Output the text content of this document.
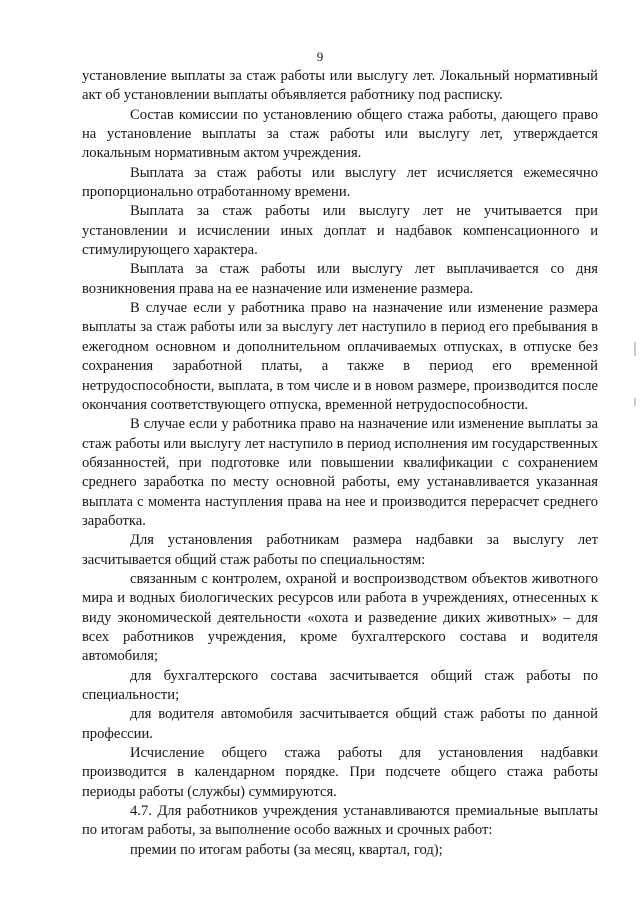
9

установление выплаты за стаж работы или выслугу лет. Локальный нормативный акт об установлении выплаты объявляется работнику под расписку.

Состав комиссии по установлению общего стажа работы, дающего право на установление выплаты за стаж работы или выслугу лет, утверждается локальным нормативным актом учреждения.

Выплата за стаж работы или выслугу лет исчисляется ежемесячно пропорционально отработанному времени.

Выплата за стаж работы или выслугу лет не учитывается при установлении и исчислении иных доплат и надбавок компенсационного и стимулирующего характера.

Выплата за стаж работы или выслугу лет выплачивается со дня возникновения права на ее назначение или изменение размера.

В случае если у работника право на назначение или изменение размера выплаты за стаж работы или за выслугу лет наступило в период его пребывания в ежегодном основном и дополнительном оплачиваемых отпусках, в отпуске без сохранения заработной платы, а также в период его временной нетрудоспособности, выплата, в том числе и в новом размере, производится после окончания соответствующего отпуска, временной нетрудоспособности.

В случае если у работника право на назначение или изменение выплаты за стаж работы или выслугу лет наступило в период исполнения им государственных обязанностей, при подготовке или повышении квалификации с сохранением среднего заработка по месту основной работы, ему устанавливается указанная выплата с момента наступления права на нее и производится перерасчет среднего заработка.

Для установления работникам размера надбавки за выслугу лет засчитывается общий стаж работы по специальностям:

связанным с контролем, охраной и воспроизводством объектов животного мира и водных биологических ресурсов или работа в учреждениях, отнесенных к виду экономической деятельности «охота и разведение диких животных» – для всех работников учреждения, кроме бухгалтерского состава и водителя автомобиля;

для бухгалтерского состава засчитывается общий стаж работы по специальности;

для водителя автомобиля засчитывается общий стаж работы по данной профессии.

Исчисление общего стажа работы для установления надбавки производится в календарном порядке. При подсчете общего стажа работы периоды работы (службы) суммируются.

4.7. Для работников учреждения устанавливаются премиальные выплаты по итогам работы, за выполнение особо важных и срочных работ:

премии по итогам работы (за месяц, квартал, год);
